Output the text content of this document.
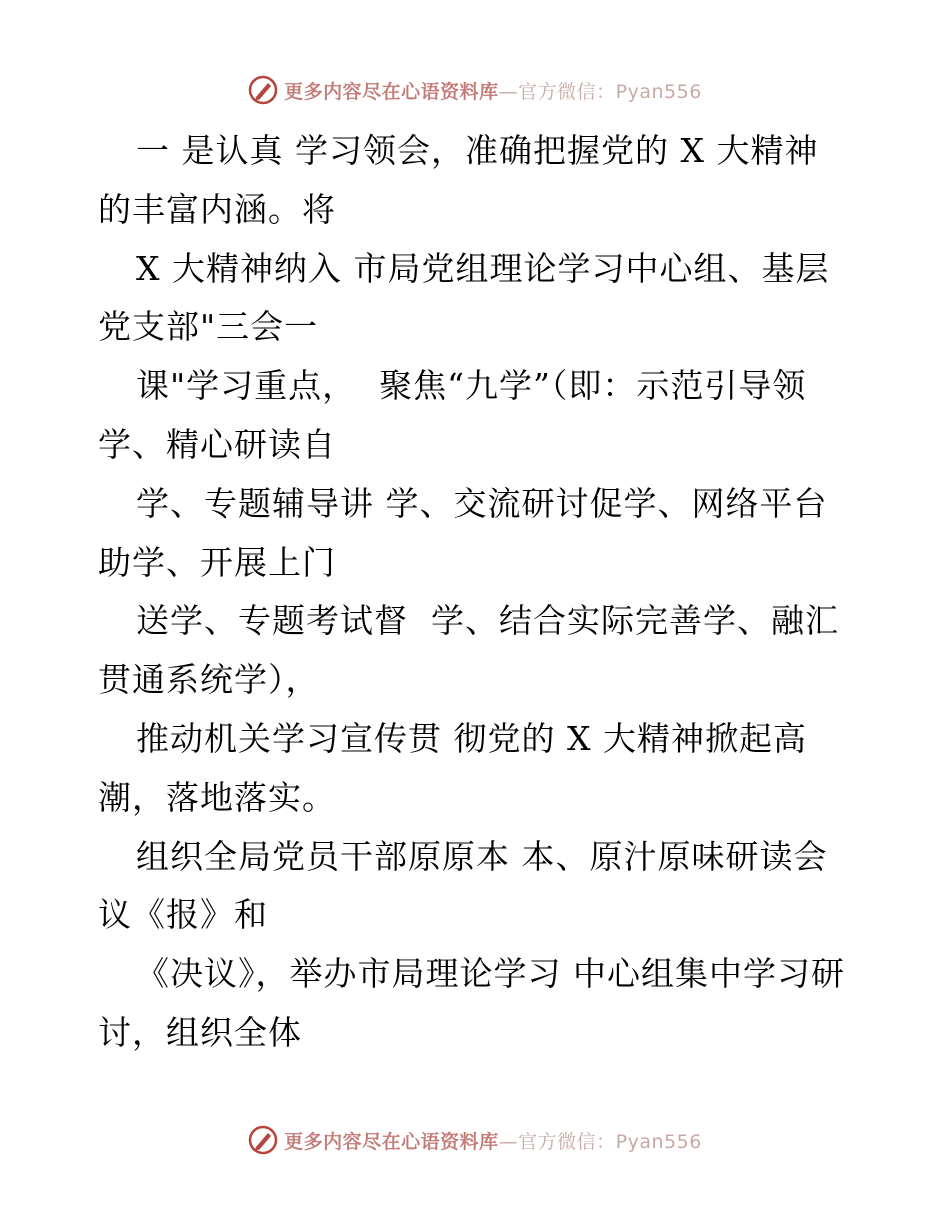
更多内容尽在心语资料库—官方微信：Pyan556
一 是认真 学习领会，准确把握党的 X 大精神
的丰富内涵。将
X 大精神纳入 市局党组理论学习中心组、基层
党支部"三会一
课"学习重点，  聚焦“九学”（即：示范引导领
学、精心研读自
学、专题辅导讲 学、交流研讨促学、网络平台
助学、开展上门
送学、专题考试督  学、结合实际完善学、融汇
贯通系统学），
推动机关学习宣传贯 彻党的 X 大精神掀起高
潮，落地落实。
组织全局党员干部原原本 本、原汁原味研读会
议《报》和
《决议》，举办市局理论学习 中心组集中学习研
讨，组织全体
更多内容尽在心语资料库—官方微信：Pyan556
